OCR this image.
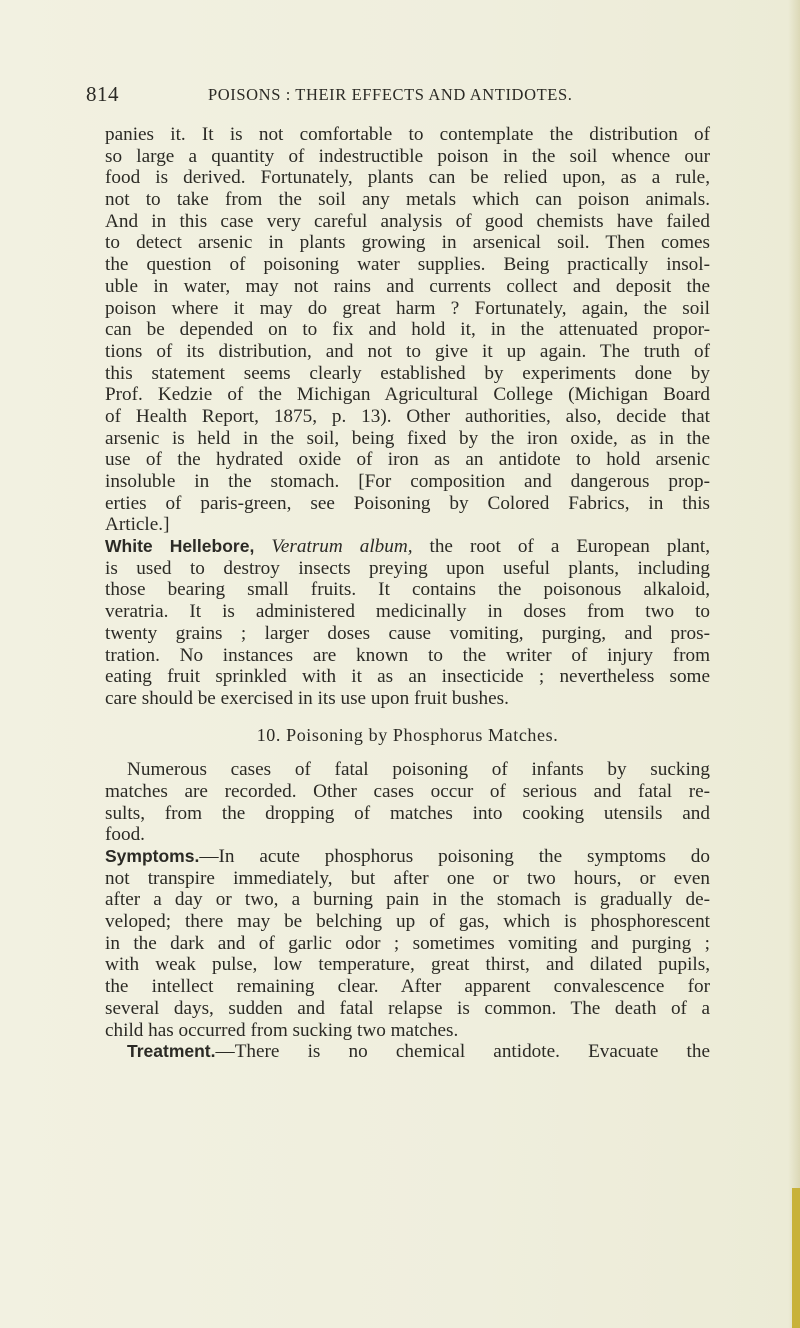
814	POISONS : THEIR EFFECTS AND ANTIDOTES.
panies it. It is not comfortable to contemplate the distribution of
so large a quantity of indestructible poison in the soil whence our
food is derived. Fortunately, plants can be relied upon, as a rule,
not to take from the soil any metals which can poison animals.
And in this case very careful analysis of good chemists have failed
to detect arsenic in plants growing in arsenical soil. Then comes
the question of poisoning water supplies. Being practically insol-
uble in water, may not rains and currents collect and deposit the
poison where it may do great harm ? Fortunately, again, the soil
can be depended on to fix and hold it, in the attenuated propor-
tions of its distribution, and not to give it up again. The truth of
this statement seems clearly established by experiments done by
Prof. Kedzie of the Michigan Agricultural College (Michigan Board
of Health Report, 1875, p. 13). Other authorities, also, decide that
arsenic is held in the soil, being fixed by the iron oxide, as in the
use of the hydrated oxide of iron as an antidote to hold arsenic
insoluble in the stomach. [For composition and dangerous prop-
erties of paris-green, see Poisoning by Colored Fabrics, in this
Article.]
White Hellebore, Veratrum album, the root of a European plant,
is used to destroy insects preying upon useful plants, including
those bearing small fruits. It contains the poisonous alkaloid,
veratria. It is administered medicinally in doses from two to
twenty grains ; larger doses cause vomiting, purging, and pros-
tration. No instances are known to the writer of injury from
eating fruit sprinkled with it as an insecticide ; nevertheless some
care should be exercised in its use upon fruit bushes.
10. Poisoning by Phosphorus Matches.
Numerous cases of fatal poisoning of infants by sucking
matches are recorded. Other cases occur of serious and fatal re-
sults, from the dropping of matches into cooking utensils and
food.
Symptoms.—In acute phosphorus poisoning the symptoms do
not transpire immediately, but after one or two hours, or even
after a day or two, a burning pain in the stomach is gradually de-
veloped; there may be belching up of gas, which is phosphorescent
in the dark and of garlic odor ; sometimes vomiting and purging ;
with weak pulse, low temperature, great thirst, and dilated pupils,
the intellect remaining clear. After apparent convalescence for
several days, sudden and fatal relapse is common. The death of a
child has occurred from sucking two matches.
Treatment.—There is no chemical antidote. Evacuate the
